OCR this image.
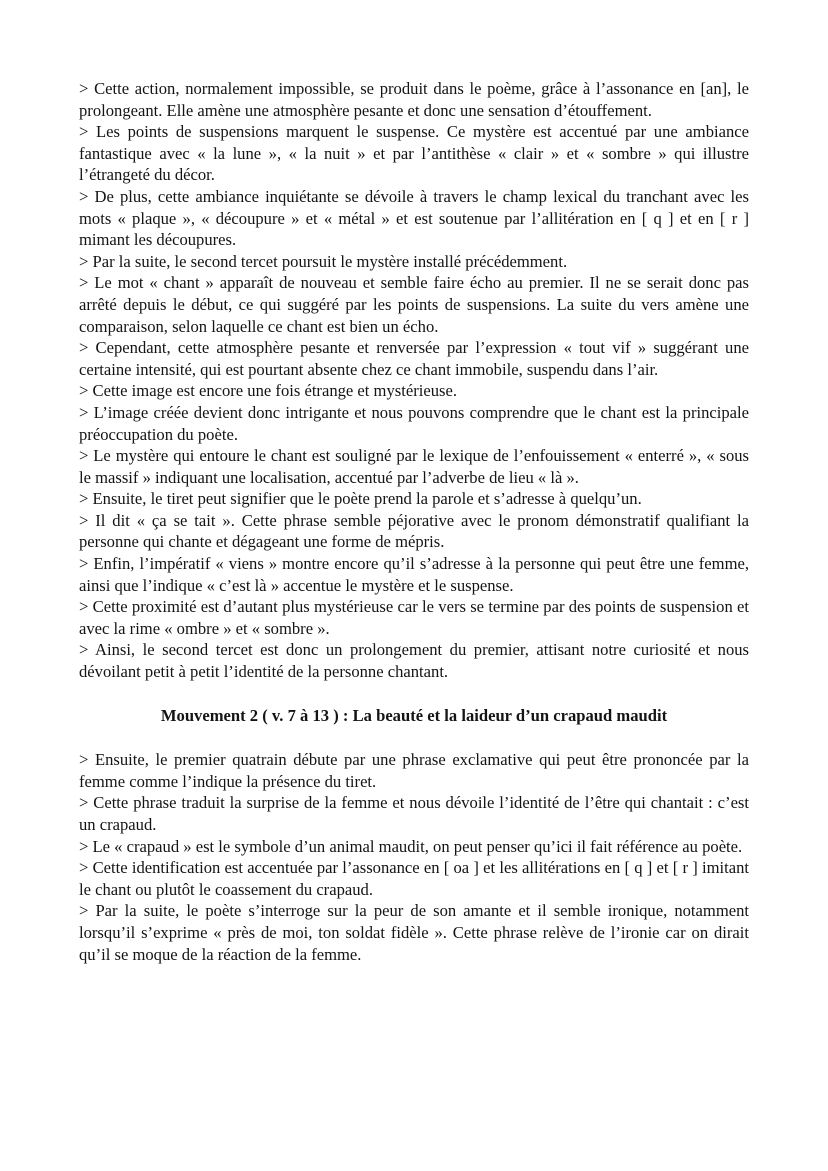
> Cette action, normalement impossible, se produit dans le poème, grâce à l’assonance en [an], le prolongeant. Elle amène une atmosphère pesante et donc une sensation d’étouffement.

> Les points de suspensions marquent le suspense. Ce mystère est accentué par une ambiance fantastique avec « la lune », « la nuit » et par l’antithèse « clair » et « sombre » qui illustre l’étrangeté du décor.

> De plus, cette ambiance inquiétante se dévoile à travers le champ lexical du tranchant avec les mots « plaque », « découpure » et « métal » et est soutenue par l’allitération en [ q ] et en [ r ] mimant les découpures.

> Par la suite, le second tercet poursuit le mystère installé précédemment.

> Le mot « chant » apparaît de nouveau et semble faire écho au premier. Il ne se serait donc pas arrêté depuis le début, ce qui suggéré par les points de suspensions. La suite du vers amène une comparaison, selon laquelle ce chant est bien un écho.

> Cependant, cette atmosphère pesante et renversée par l’expression « tout vif » suggérant une certaine intensité, qui est pourtant absente chez ce chant immobile, suspendu dans l’air.

> Cette image est encore une fois étrange et mystérieuse.

> L’image créée devient donc intrigante et nous pouvons comprendre que le chant est la principale préoccupation du poète.

> Le mystère qui entoure le chant est souligné par le lexique de l’enfouissement « enterré », « sous le massif » indiquant une localisation, accentué par l’adverbe de lieu « là ».

> Ensuite, le tiret peut signifier que le poète prend la parole et s’adresse à quelqu’un.

> Il dit « ça se tait ». Cette phrase semble péjorative avec le pronom démonstratif qualifiant la personne qui chante et dégageant une forme de mépris.

> Enfin, l’impératif « viens » montre encore qu’il s’adresse à la personne qui peut être une femme, ainsi que l’indique « c’est là » accentue le mystère et le suspense.

> Cette proximité est d’autant plus mystérieuse car le vers se termine par des points de suspension et avec la rime « ombre » et « sombre ».

> Ainsi, le second tercet est donc un prolongement du premier, attisant notre curiosité et nous dévoilant petit à petit l’identité de la personne chantant.

Mouvement 2 ( v. 7 à 13 ) : La beauté et la laideur d’un crapaud maudit

> Ensuite, le premier quatrain débute par une phrase exclamative qui peut être prononcée par la femme comme l’indique la présence du tiret.

> Cette phrase traduit la surprise de la femme et nous dévoile l’identité de l’être qui chantait : c’est un crapaud.

> Le « crapaud » est le symbole d’un animal maudit, on peut penser qu’ici il fait référence au poète.

> Cette identification est accentuée par l’assonance en [ oa ] et les allitérations en [ q ] et [ r ] imitant le chant ou plutôt le coassement du crapaud.

> Par la suite, le poète s’interroge sur la peur de son amante et il semble ironique, notamment lorsqu’il s’exprime « près de moi, ton soldat fidèle ». Cette phrase relève de l’ironie car on dirait qu’il se moque de la réaction de la femme.
